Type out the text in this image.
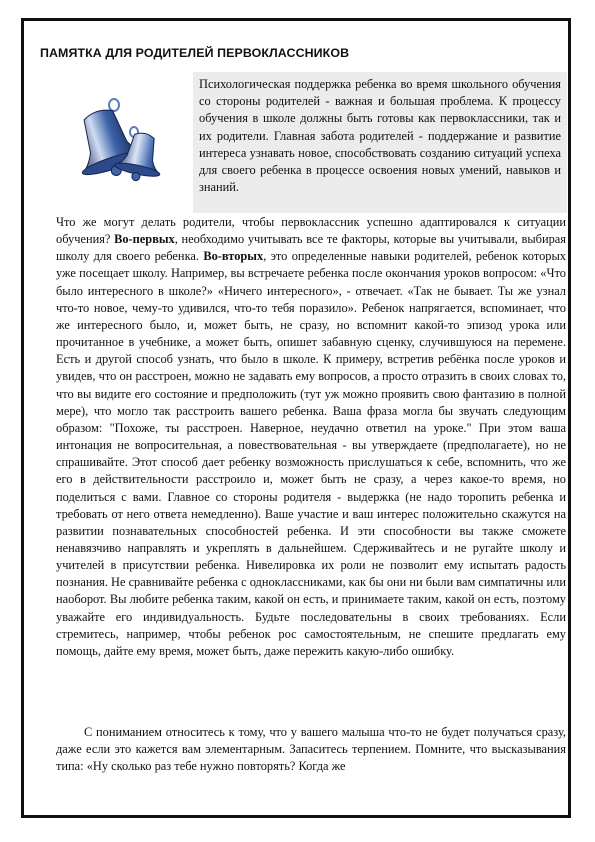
ПАМЯТКА ДЛЯ РОДИТЕЛЕЙ ПЕРВОКЛАССНИКОВ
Психологическая поддержка ребенка во время школьного обучения со стороны родителей - важная и большая проблема. К процессу обучения в школе должны быть готовы как первоклассники, так и их родители. Главная забота родителей - поддержание и развитие интереса узнавать новое, способствовать созданию ситуаций успеха для своего ребенка в процессе освоения новых умений, навыков и знаний.

Что же могут делать родители, чтобы первоклассник успешно адаптировался к ситуации обучения? Во-первых, необходимо учитывать все те факторы, которые вы учитывали, выбирая школу для своего ребенка. Во-вторых, это определенные навыки родителей, ребенок которых уже посещает школу. Например, вы встречаете ребенка после окончания уроков вопросом: «Что было интересного в школе?» «Ничего интересного», - отвечает. «Так не бывает. Ты же узнал что-то новое, чему-то удивился, что-то тебя поразило». Ребенок напрягается, вспоминает, что же интересного было, и, может быть, не сразу, но вспомнит какой-то эпизод урока или прочитанное в учебнике, а может быть, опишет забавную сценку, случившуюся на перемене. Есть и другой способ узнать, что было в школе. К примеру, встретив ребёнка после уроков и увидев, что он расстроен, можно не задавать ему вопросов, а просто отразить в своих словах то, что вы видите его состояние и предположить (тут уж можно проявить свою фантазию в полной мере), что могло так расстроить вашего ребенка. Ваша фраза могла бы звучать следующим образом: "Похоже, ты расстроен. Наверное, неудачно ответил на уроке." При этом ваша интонация не вопросительная, а повествовательная - вы утверждаете (предполагаете), но не спрашивайте. Этот способ дает ребенку возможность прислушаться к себе, вспомнить, что же его в действительности расстроило и, может быть не сразу, а через какое-то время, но поделиться с вами. Главное со стороны родителя - выдержка (не надо торопить ребенка и требовать от него ответа немедленно). Ваше участие и ваш интерес положительно скажутся на развитии познавательных способностей ребенка. И эти способности вы также сможете ненавязчиво направлять и укреплять в дальнейшем. Сдерживайтесь и не ругайте школу и учителей в присутствии ребенка. Нивелировка их роли не позволит ему испытать радость познания. Не сравнивайте ребенка с одноклассниками, как бы они ни были вам симпатичны или наоборот. Вы любите ребенка таким, какой он есть, и принимаете таким, какой он есть, поэтому уважайте его индивидуальность. Будьте последовательны в своих требованиях. Если стремитесь, например, чтобы ребенок рос самостоятельным, не спешите предлагать ему помощь, дайте ему время, может быть, даже пережить какую-либо ошибку.

С пониманием относитесь к тому, что у вашего малыша что-то не будет получаться сразу, даже если это кажется вам элементарным. Запаситесь терпением. Помните, что высказывания типа: «Ну сколько раз тебе нужно повторять? Когда же
